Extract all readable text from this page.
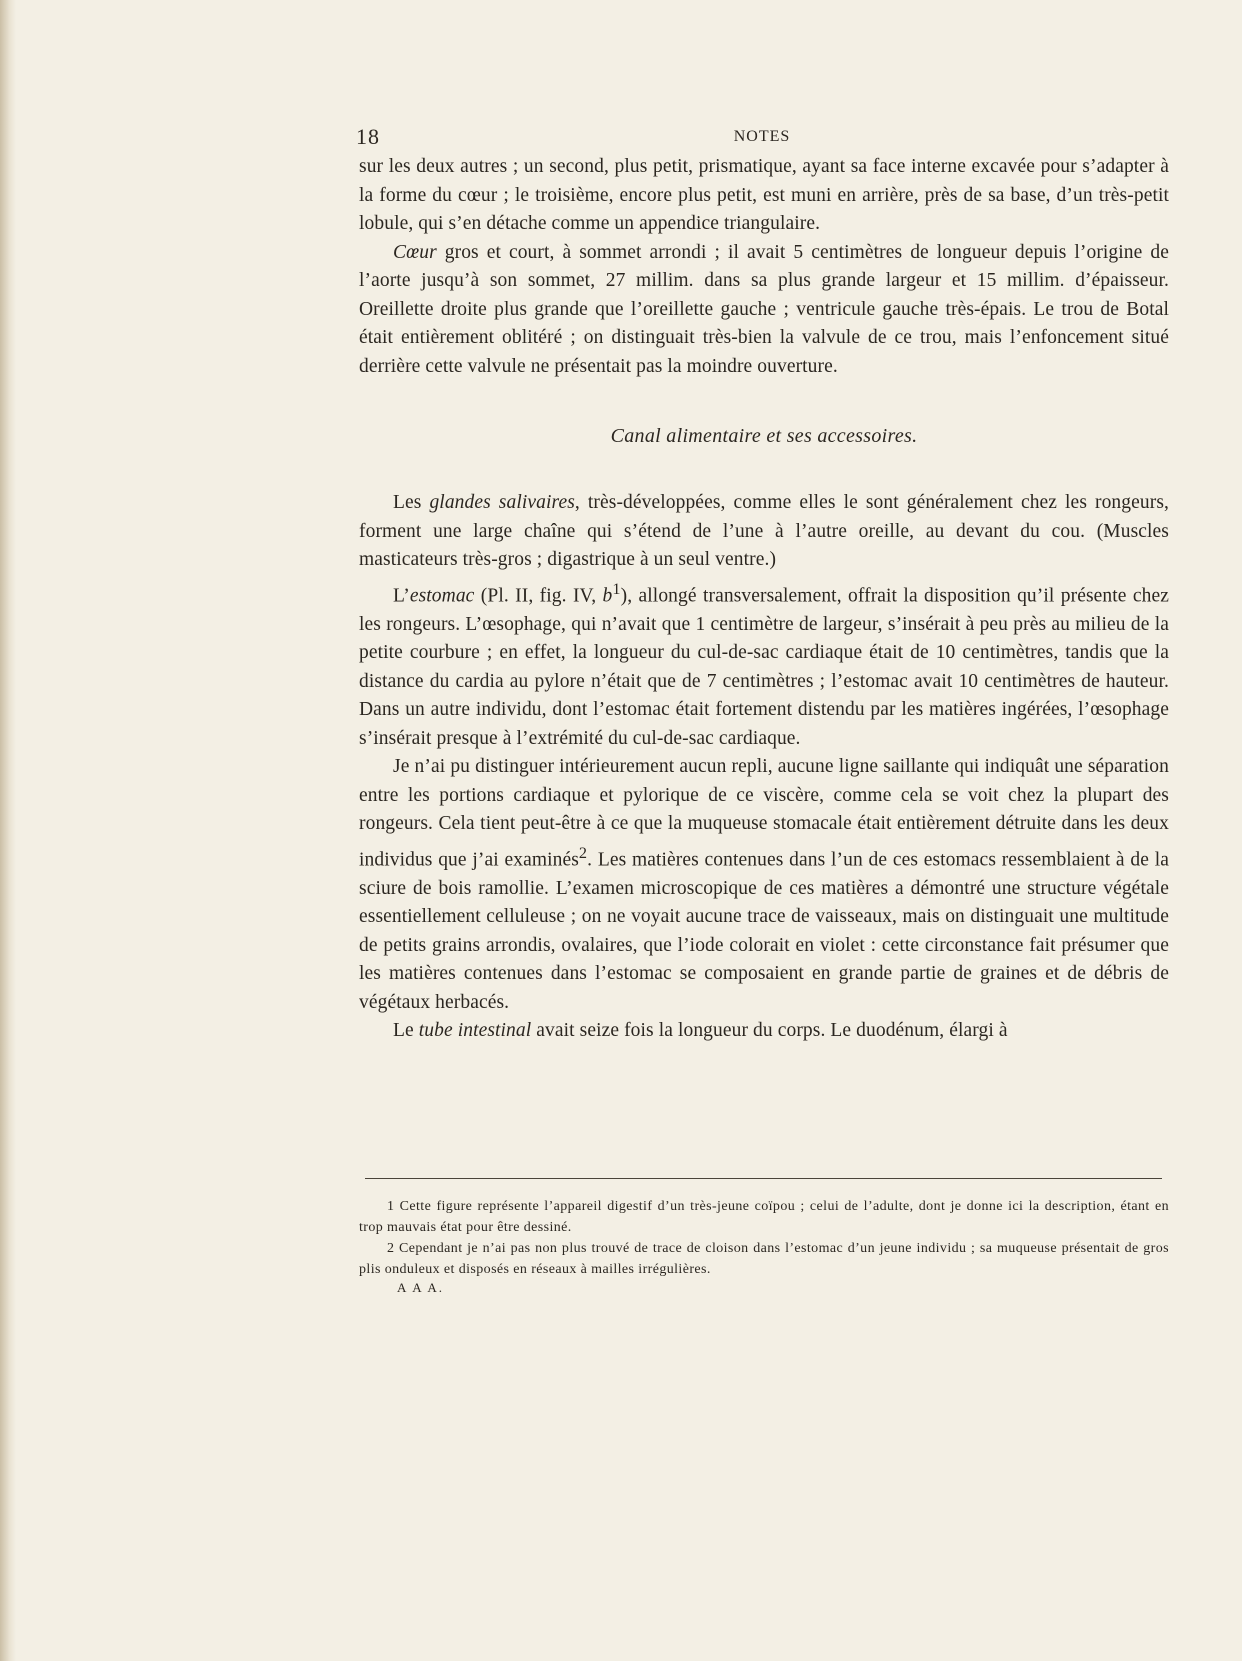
18	NOTES

sur les deux autres ; un second, plus petit, prismatique, ayant sa face interne excavée pour s’adapter à la forme du cœur ; le troisième, encore plus petit, est muni en arrière, près de sa base, d’un très-petit lobule, qui s’en détache comme un appendice triangulaire.

Cœur gros et court, à sommet arrondi ; il avait 5 centimètres de longueur depuis l’origine de l’aorte jusqu’à son sommet, 27 millim. dans sa plus grande largeur et 15 millim. d’épaisseur. Oreillette droite plus grande que l’oreillette gauche ; ventricule gauche très-épais. Le trou de Botal était entièrement oblitéré ; on distinguait très-bien la valvule de ce trou, mais l’enfoncement situé derrière cette valvule ne présentait pas la moindre ouverture.

Canal alimentaire et ses accessoires.

Les glandes salivaires, très-développées, comme elles le sont généralement chez les rongeurs, forment une large chaîne qui s’étend de l’une à l’autre oreille, au devant du cou. (Muscles masticateurs très-gros ; digastrique à un seul ventre.)

L’estomac (Pl. II, fig. IV, $b^1$), allongé transversalement, offrait la disposition qu’il présente chez les rongeurs. L’œsophage, qui n’avait que 1 centimètre de largeur, s’insérait à peu près au milieu de la petite courbure ; en effet, la longueur du cul-de-sac cardiaque était de 10 centimètres, tandis que la distance du cardia au pylore n’était que de 7 centimètres ; l’estomac avait 10 centimètres de hauteur. Dans un autre individu, dont l’estomac était fortement distendu par les matières ingérées, l’œsophage s’insérait presque à l’extrémité du cul-de-sac cardiaque.

Je n’ai pu distinguer intérieurement aucun repli, aucune ligne saillante qui indiquât une séparation entre les portions cardiaque et pylorique de ce viscère, comme cela se voit chez la plupart des rongeurs. Cela tient peut-être à ce que la muqueuse stomacale était entièrement détruite dans les deux individus que j’ai examinés$^2$. Les matières contenues dans l’un de ces estomacs ressemblaient à de la sciure de bois ramollie. L’examen microscopique de ces matières a démontré une structure végétale essentiellement celluleuse ; on ne voyait aucune trace de vaisseaux, mais on distinguait une multitude de petits grains arrondis, ovalaires, que l’iode colorait en violet : cette circonstance fait présumer que les matières contenues dans l’estomac se composaient en grande partie de graines et de débris de végétaux herbacés.

Le tube intestinal avait seize fois la longueur du corps. Le duodénum, élargi à

1 Cette figure représente l’appareil digestif d’un très-jeune coïpou ; celui de l’adulte, dont je donne ici la description, étant en trop mauvais état pour être dessiné.

2 Cependant je n’ai pas non plus trouvé de trace de cloison dans l’estomac d’un jeune individu ; sa muqueuse présentait de gros plis onduleux et disposés en réseaux à mailles irrégulières.

A A A.
